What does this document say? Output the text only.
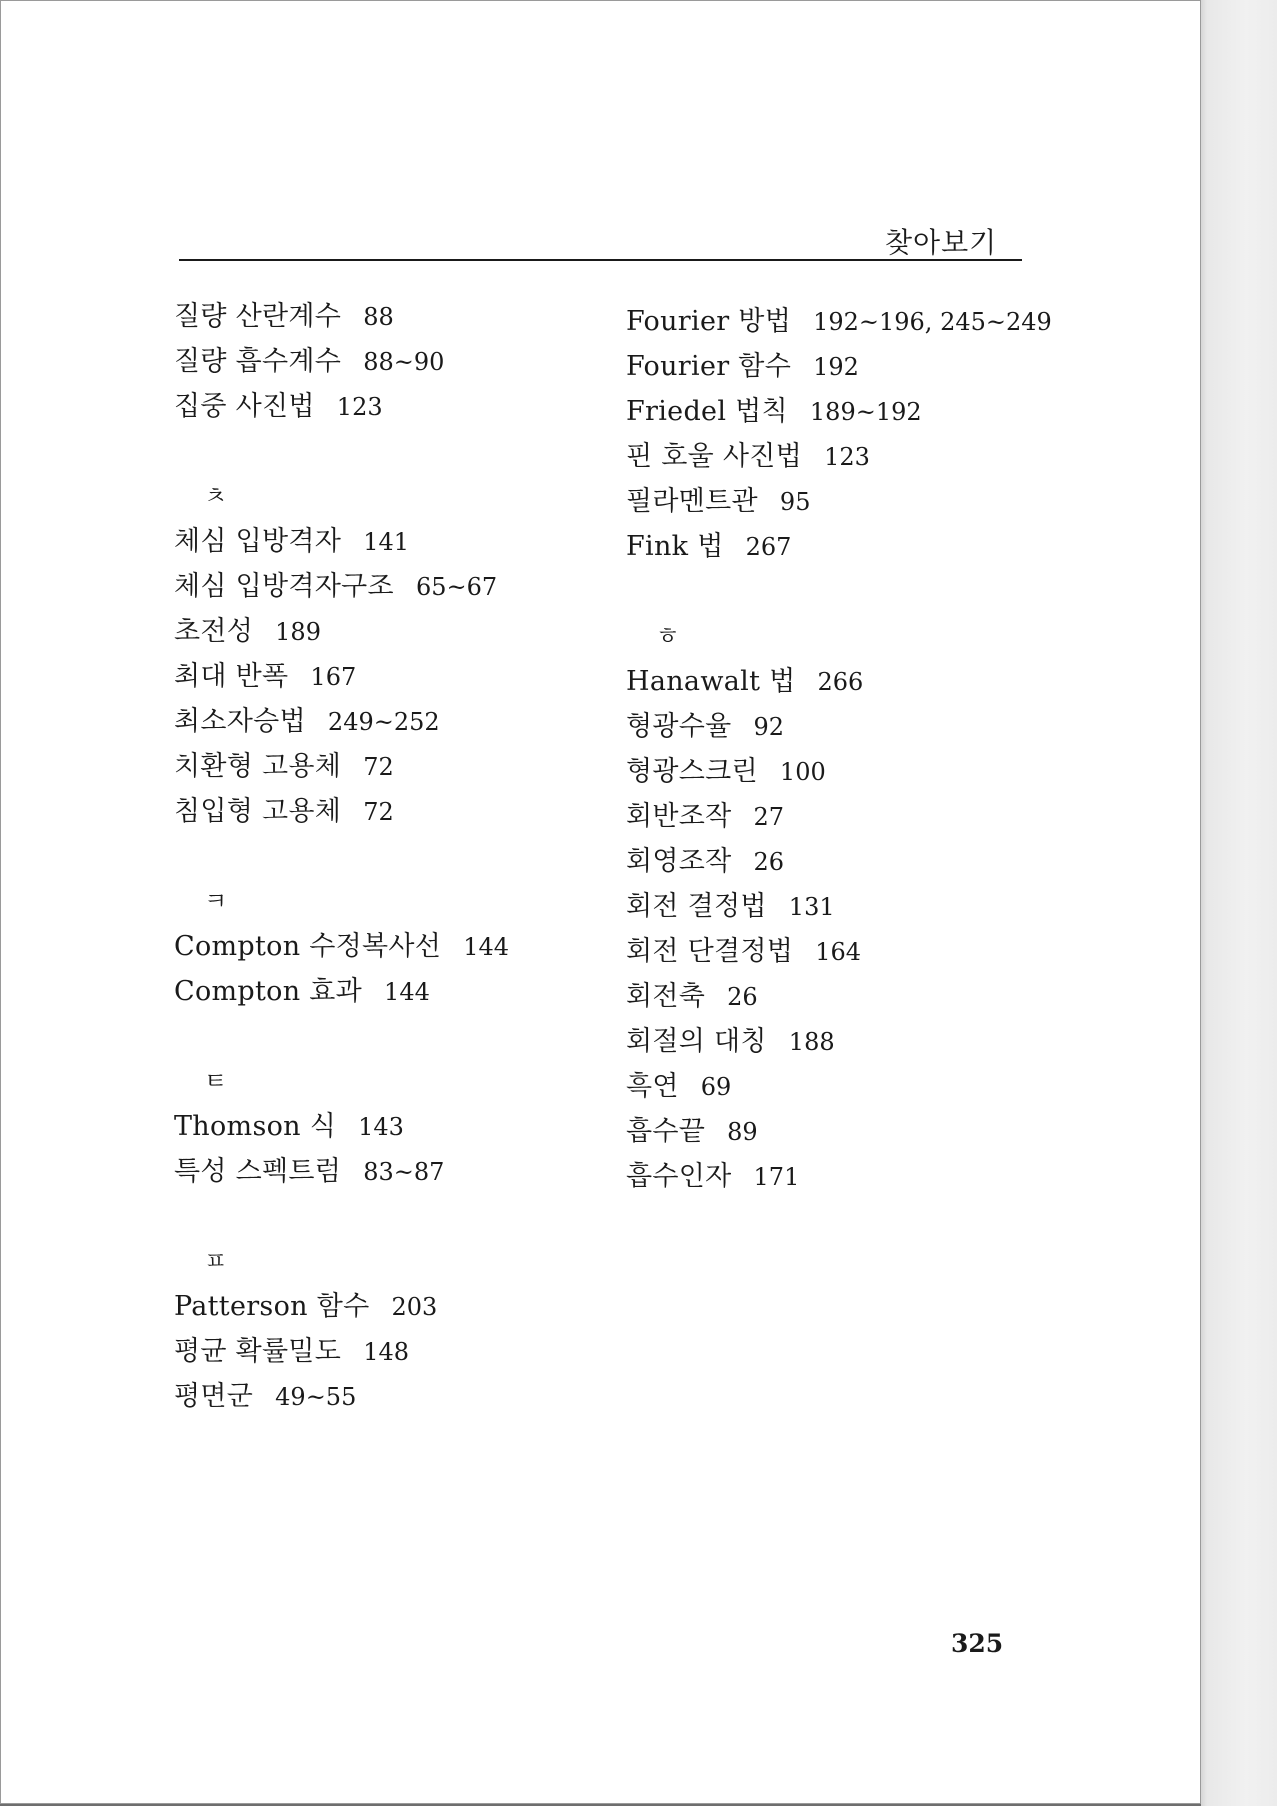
찾아보기
질량 산란계수 88
질량 흡수계수 88~90
집중 사진법 123
ㅊ
체심 입방격자 141
체심 입방격자구조 65~67
초전성 189
최대 반폭 167
최소자승법 249~252
치환형 고용체 72
침입형 고용체 72
ㅋ
Compton 수정복사선 144
Compton 효과 144
ㅌ
Thomson 식 143
특성 스펙트럼 83~87
ㅍ
Patterson 함수 203
평균 확률밀도 148
평면군 49~55
Fourier 방법 192~196, 245~249
Fourier 함수 192
Friedel 법칙 189~192
핀 호울 사진법 123
필라멘트관 95
Fink 법 267
ㅎ
Hanawalt 법 266
형광수율 92
형광스크린 100
회반조작 27
회영조작 26
회전 결정법 131
회전 단결정법 164
회전축 26
회절의 대칭 188
흑연 69
흡수끝 89
흡수인자 171
325
